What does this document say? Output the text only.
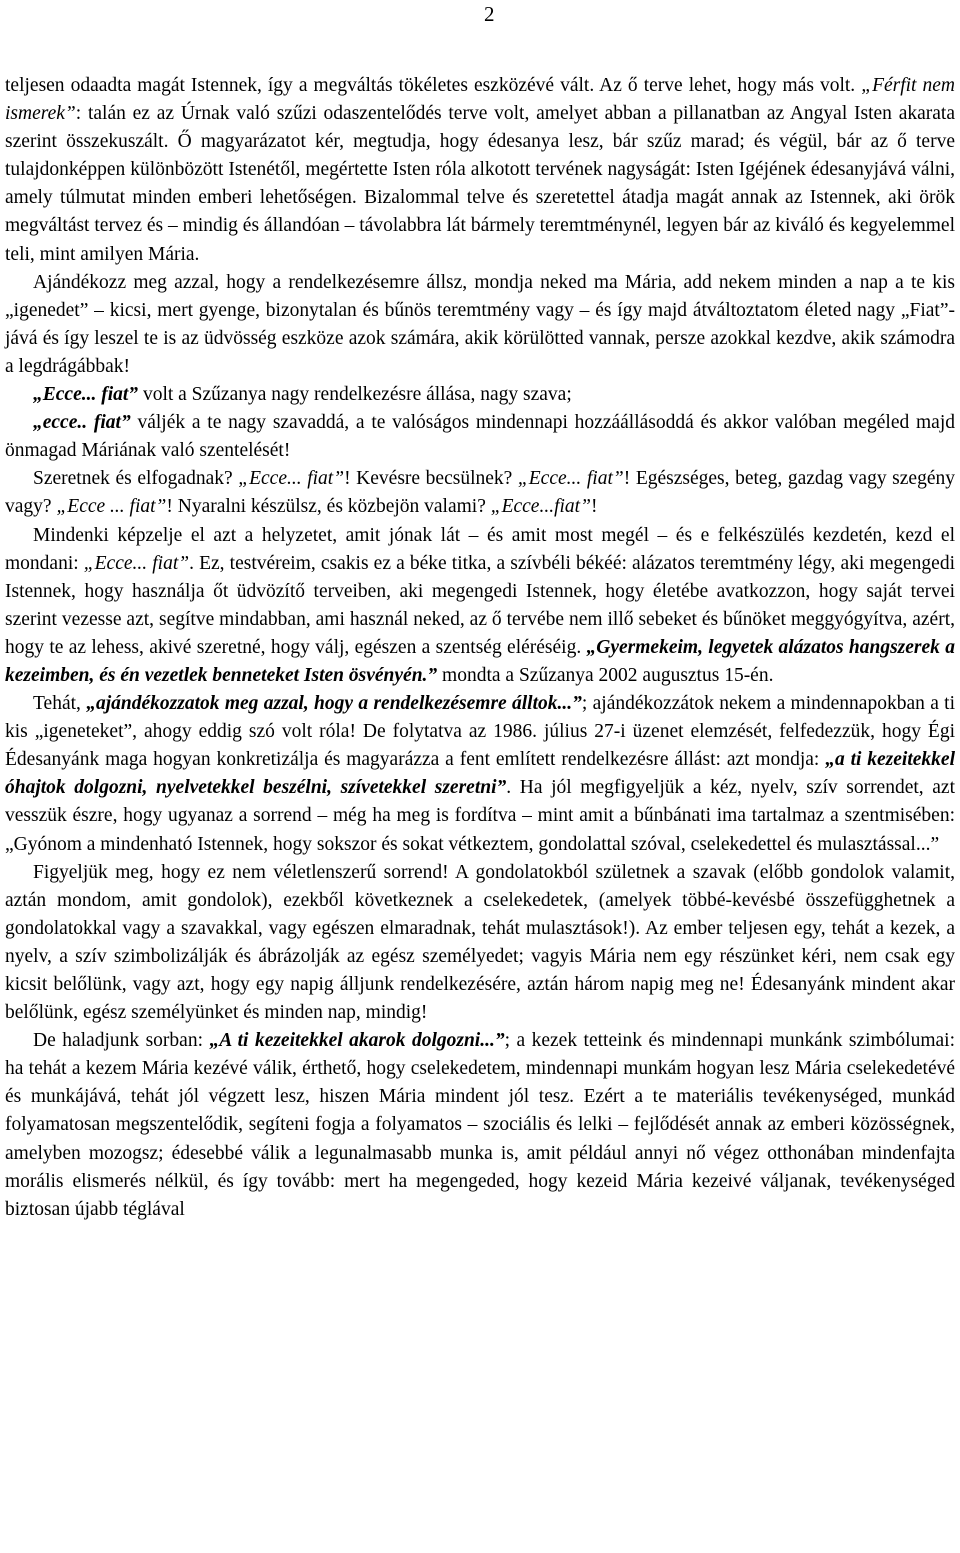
2

teljesen odaadta magát Istennek, így a megváltás tökéletes eszközévé vált. Az ő terve lehet, hogy más volt. „Férfit nem ismerek”: talán ez az Úrnak való szűzi odaszentelődés terve volt, amelyet abban a pillanatban az Angyal Isten akarata szerint összekuszált. Ő magyarázatot kér, megtudja, hogy édesanya lesz, bár szűz marad; és végül, bár az ő terve tulajdonképpen különbözött Istenétől, megértette Isten róla alkotott tervének nagyságát: Isten Igéjének édesanyjává válni, amely túlmutat minden emberi lehetőségen. Bizalommal telve és szeretettel átadja magát annak az Istennek, aki örök megváltást tervez és – mindig és állandóan – távolabbra lát bármely teremtménynél, legyen bár az kiváló és kegyelemmel teli, mint amilyen Mária.

Ajándékozz meg azzal, hogy a rendelkezésemre állsz, mondja neked ma Mária, add nekem minden a nap a te kis „igenedet” – kicsi, mert gyenge, bizonytalan és bűnös teremtmény vagy – és így majd átváltoztatom életed nagy „Fiat”-jává és így leszel te is az üdvösség eszköze azok számára, akik körülötted vannak, persze azokkal kezdve, akik számodra a legdrágábbak!

„Ecce... fiat” volt a Szűzanya nagy rendelkezésre állása, nagy szava;

„ecce.. fiat” váljék a te nagy szavaddá, a te valóságos mindennapi hozzáállásoddá és akkor valóban megéled majd önmagad Máriának való szentelését!

Szeretnek és elfogadnak? „Ecce... fiat”! Kevésre becsülnek? „Ecce... fiat”! Egészséges, beteg, gazdag vagy szegény vagy? „Ecce ... fiat”! Nyaralni készülsz, és közbejön valami? „Ecce...fiat”!

Mindenki képzelje el azt a helyzetet, amit jónak lát – és amit most megél – és e felkészülés kezdetén, kezd el mondani: „Ecce... fiat”. Ez, testvéreim, csakis ez a béke titka, a szívbéli békéé: alázatos teremtmény légy, aki megengedi Istennek, hogy használja őt üdvözítő terveiben, aki megengedi Istennek, hogy életébe avatkozzon, hogy saját tervei szerint vezesse azt, segítve mindabban, ami használ neked, az ő tervébe nem illő sebeket és bűnöket meggyógyítva, azért, hogy te az lehess, akivé szeretné, hogy válj, egészen a szentség eléréséig. „Gyermekeim, legyetek alázatos hangszerek a kezeimben, és én vezetlek benneteket Isten ösvényén.” mondta a Szűzanya 2002 augusztus 15-én.

Tehát, „ajándékozzatok meg azzal, hogy a rendelkezésemre álltok...”; ajándékozzátok nekem a mindennapokban a ti kis „igeneteket”, ahogy eddig szó volt róla! De folytatva az 1986. július 27-i üzenet elemzését, felfedezzük, hogy Égi Édesanyánk maga hogyan konkretizálja és magyarázza a fent említett rendelkezésre állást: azt mondja: „a ti kezeitekkel óhajtok dolgozni, nyelvetekkel beszélni, szívetekkel szeretni”. Ha jól megfigyeljük a kéz, nyelv, szív sorrendet, azt vesszük észre, hogy ugyanaz a sorrend – még ha meg is fordítva – mint amit a bűnbánati ima tartalmaz a szentmisében: „Gyónom a mindenható Istennek, hogy sokszor és sokat vétkeztem, gondolattal szóval, cselekedettel és mulasztással...”

Figyeljük meg, hogy ez nem véletlenszerű sorrend! A gondolatokból születnek a szavak (előbb gondolok valamit, aztán mondom, amit gondolok), ezekből következnek a cselekedetek, (amelyek többé-kevésbé összefügghetnek a gondolatokkal vagy a szavakkal, vagy egészen elmaradnak, tehát mulasztások!). Az ember teljesen egy, tehát a kezek, a nyelv, a szív szimbolizálják és ábrázolják az egész személyedet; vagyis Mária nem egy részünket kéri, nem csak egy kicsit belőlünk, vagy azt, hogy egy napig álljunk rendelkezésére, aztán három napig meg ne! Édesanyánk mindent akar belőlünk, egész személyünket és minden nap, mindig!

De haladjunk sorban: „A ti kezeitekkel akarok dolgozni...”; a kezek tetteink és mindennapi munkánk szimbólumai: ha tehát a kezem Mária kezévé válik, érthető, hogy cselekedetem, mindennapi munkám hogyan lesz Mária cselekedetévé és munkájává, tehát jól végzett lesz, hiszen Mária mindent jól tesz. Ezért a te materiális tevékenységed, munkád folyamatosan megszentelődik, segíteni fogja a folyamatos – szociális és lelki – fejlődését annak az emberi közösségnek, amelyben mozogsz; édesebbé válik a legunalmasabb munka is, amit például annyi nő végez otthonában mindenfajta morális elismerés nélkül, és így tovább: mert ha megengeded, hogy kezeid Mária kezeivé váljanak, tevékenységed biztosan újabb téglával
